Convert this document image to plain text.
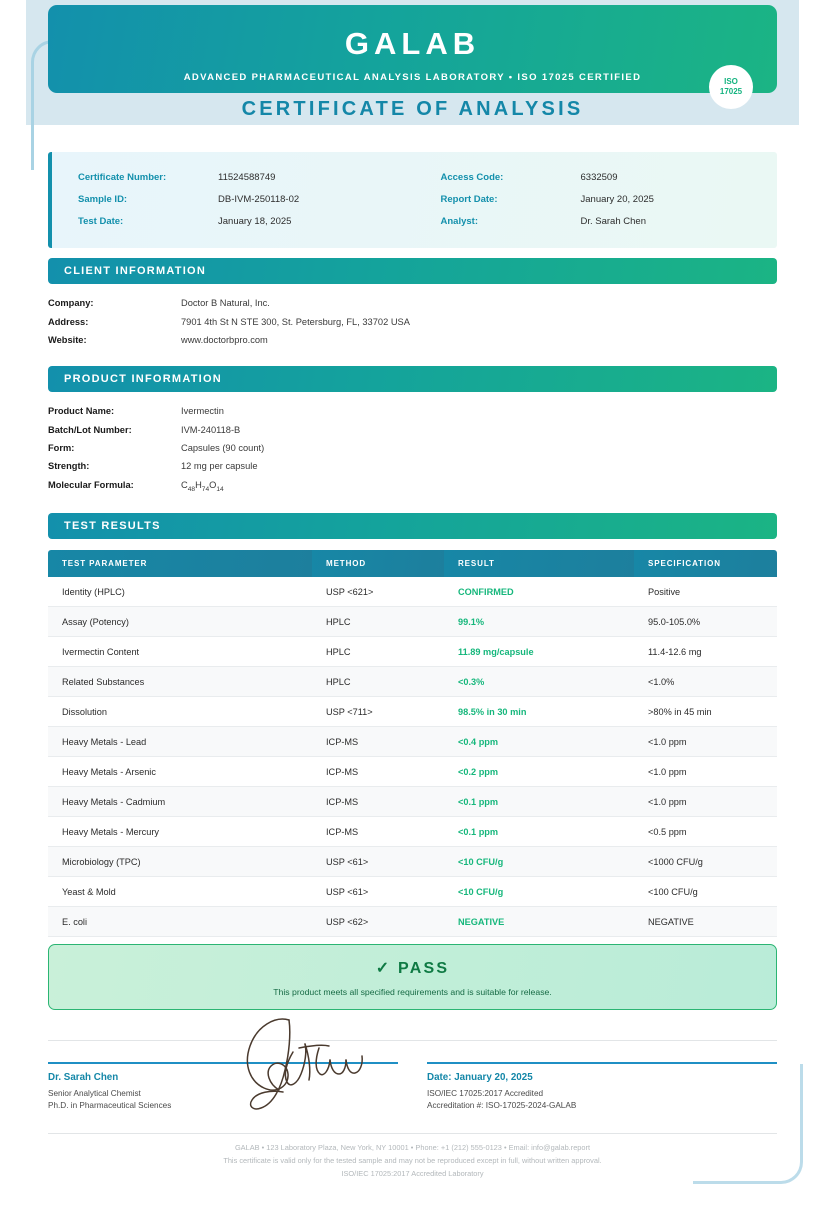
GALAB
ADVANCED PHARMACEUTICAL ANALYSIS LABORATORY • ISO 17025 CERTIFIED	ISO
17025
CERTIFICATE OF ANALYSIS
Certificate Number:	11524588749
Sample ID:	DB-IVM-250118-02
Test Date:	January 18, 2025
Access Code:	6332509
Report Date:	January 20, 2025
Analyst:	Dr. Sarah Chen
CLIENT INFORMATION
Company:	Doctor B Natural, Inc.
Address:	7901 4th St N STE 300, St. Petersburg, FL, 33702 USA
Website:	www.doctorbpro.com
PRODUCT INFORMATION
Product Name:	Ivermectin
Batch/Lot Number:	IVM-240118-B
Form:	Capsules (90 count)
Strength:	12 mg per capsule
Molecular Formula:	$C_{48}H_{74}O_{14}$
TEST RESULTS
TEST PARAMETER	METHOD	RESULT	SPECIFICATION
Identity (HPLC)	USP <621>	CONFIRMED	Positive
Assay (Potency)	HPLC	99.1%	95.0-105.0%
Ivermectin Content	HPLC	11.89 mg/capsule	11.4-12.6 mg
Related Substances	HPLC	<0.3%	<1.0%
Dissolution	USP <711>	98.5% in 30 min	>80% in 45 min
Heavy Metals - Lead	ICP-MS	<0.4 ppm	<1.0 ppm
Heavy Metals - Arsenic	ICP-MS	<0.2 ppm	<1.0 ppm
Heavy Metals - Cadmium	ICP-MS	<0.1 ppm	<1.0 ppm
Heavy Metals - Mercury	ICP-MS	<0.1 ppm	<0.5 ppm
Microbiology (TPC)	USP <61>	<10 CFU/g	<1000 CFU/g
Yeast & Mold	USP <61>	<10 CFU/g	<100 CFU/g
E. coli	USP <62>	NEGATIVE	NEGATIVE

✓ PASS
This product meets all specified requirements and is suitable for release.
Dr. Sarah Chen
Senior Analytical Chemist
Ph.D. in Pharmaceutical Sciences
Date: January 20, 2025
ISO/IEC 17025:2017 Accredited
Accreditation #: ISO-17025-2024-GALAB
GALAB • 123 Laboratory Plaza, New York, NY 10001 • Phone: +1 (212) 555-0123 • Email: info@galab.report
This certificate is valid only for the tested sample and may not be reproduced except in full, without written approval.
ISO/IEC 17025:2017 Accredited Laboratory
